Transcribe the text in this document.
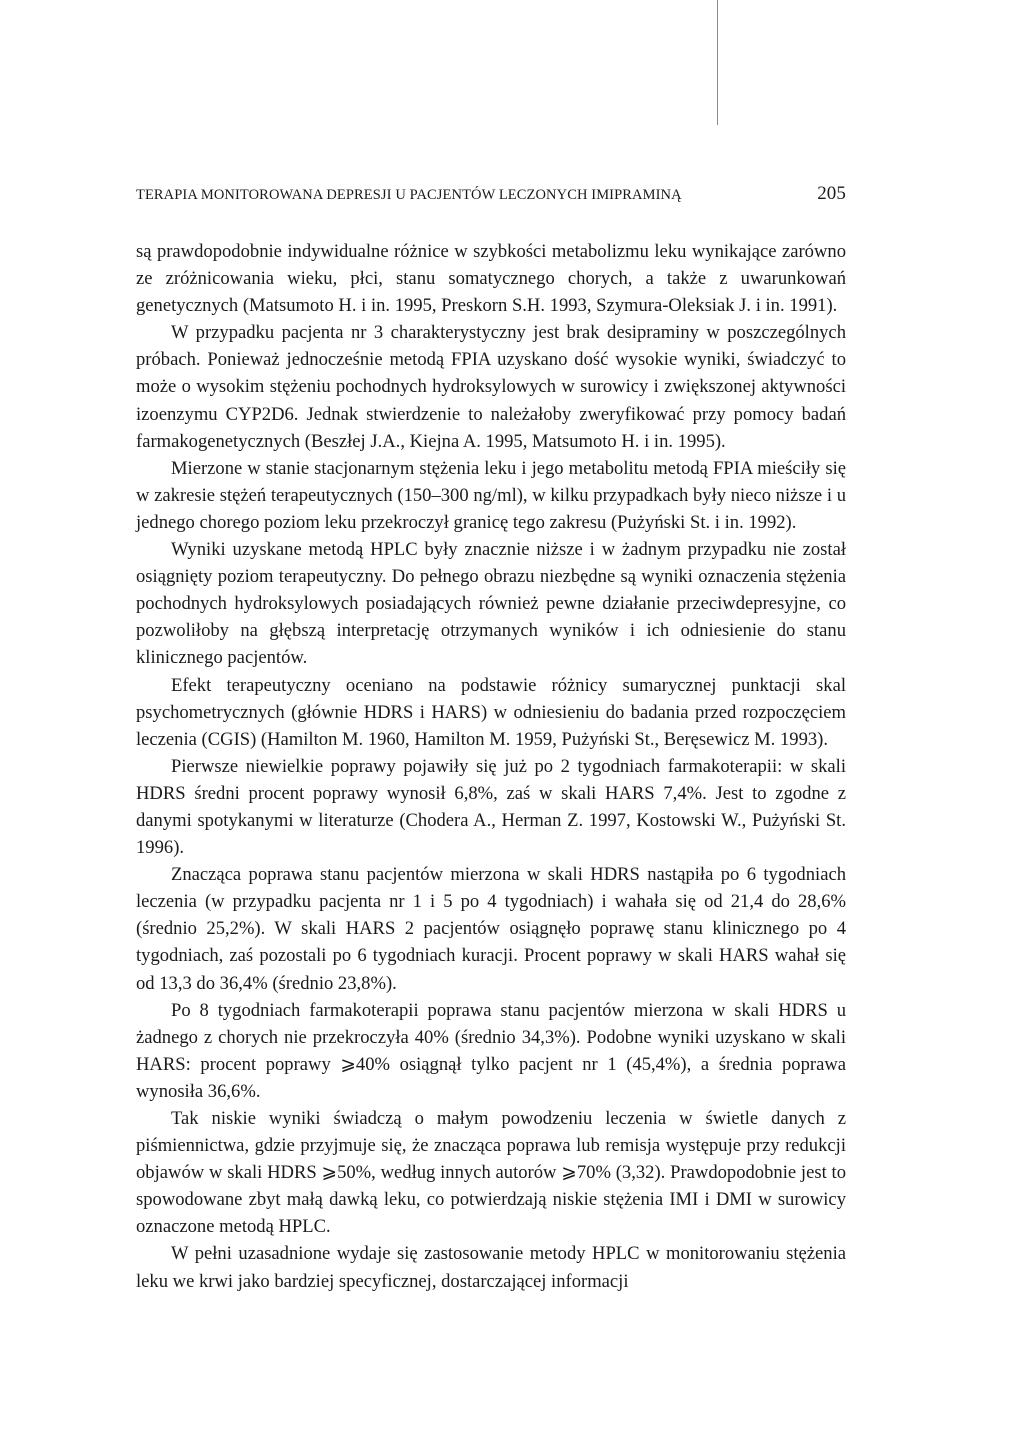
TERAPIA MONITOROWANA DEPRESJI U PACJENTÓW LECZONYCH IMIPRAMINĄ	205

są prawdopodobnie indywidualne różnice w szybkości metabolizmu leku wynikające zarówno ze zróżnicowania wieku, płci, stanu somatycznego chorych, a także z uwarunkowań genetycznych (Matsumoto H. i in. 1995, Preskorn S.H. 1993, Szymura-Oleksiak J. i in. 1991).

W przypadku pacjenta nr 3 charakterystyczny jest brak desipraminy w poszczególnych próbach. Ponieważ jednocześnie metodą FPIA uzyskano dość wysokie wyniki, świadczyć to może o wysokim stężeniu pochodnych hydroksylowych w surowicy i zwiększonej aktywności izoenzymu CYP2D6. Jednak stwierdzenie to należałoby zweryfikować przy pomocy badań farmakogenetycznych (Beszłej J.A., Kiejna A. 1995, Matsumoto H. i in. 1995).

Mierzone w stanie stacjonarnym stężenia leku i jego metabolitu metodą FPIA mieściły się w zakresie stężeń terapeutycznych (150–300 ng/ml), w kilku przypadkach były nieco niższe i u jednego chorego poziom leku przekroczył granicę tego zakresu (Pużyński St. i in. 1992).

Wyniki uzyskane metodą HPLC były znacznie niższe i w żadnym przypadku nie został osiągnięty poziom terapeutyczny. Do pełnego obrazu niezbędne są wyniki oznaczenia stężenia pochodnych hydroksylowych posiadających również pewne działanie przeciwdepresyjne, co pozwoliłoby na głębszą interpretację otrzymanych wyników i ich odniesienie do stanu klinicznego pacjentów.

Efekt terapeutyczny oceniano na podstawie różnicy sumarycznej punktacji skal psychometrycznych (głównie HDRS i HARS) w odniesieniu do badania przed rozpoczęciem leczenia (CGIS) (Hamilton M. 1960, Hamilton M. 1959, Pużyński St., Beręsewicz M. 1993).

Pierwsze niewielkie poprawy pojawiły się już po 2 tygodniach farmakoterapii: w skali HDRS średni procent poprawy wynosił 6,8%, zaś w skali HARS 7,4%. Jest to zgodne z danymi spotykanymi w literaturze (Chodera A., Herman Z. 1997, Kostowski W., Pużyński St. 1996).

Znacząca poprawa stanu pacjentów mierzona w skali HDRS nastąpiła po 6 tygodniach leczenia (w przypadku pacjenta nr 1 i 5 po 4 tygodniach) i wahała się od 21,4 do 28,6% (średnio 25,2%). W skali HARS 2 pacjentów osiągnęło poprawę stanu klinicznego po 4 tygodniach, zaś pozostali po 6 tygodniach kuracji. Procent poprawy w skali HARS wahał się od 13,3 do 36,4% (średnio 23,8%).

Po 8 tygodniach farmakoterapii poprawa stanu pacjentów mierzona w skali HDRS u żadnego z chorych nie przekroczyła 40% (średnio 34,3%). Podobne wyniki uzyskano w skali HARS: procent poprawy ⩾40% osiągnął tylko pacjent nr 1 (45,4%), a średnia poprawa wynosiła 36,6%.

Tak niskie wyniki świadczą o małym powodzeniu leczenia w świetle danych z piśmiennictwa, gdzie przyjmuje się, że znacząca poprawa lub remisja występuje przy redukcji objawów w skali HDRS ⩾50%, według innych autorów ⩾70% (3,32). Prawdopodobnie jest to spowodowane zbyt małą dawką leku, co potwierdzają niskie stężenia IMI i DMI w surowicy oznaczone metodą HPLC.

W pełni uzasadnione wydaje się zastosowanie metody HPLC w monitorowaniu stężenia leku we krwi jako bardziej specyficznej, dostarczającej informacji
